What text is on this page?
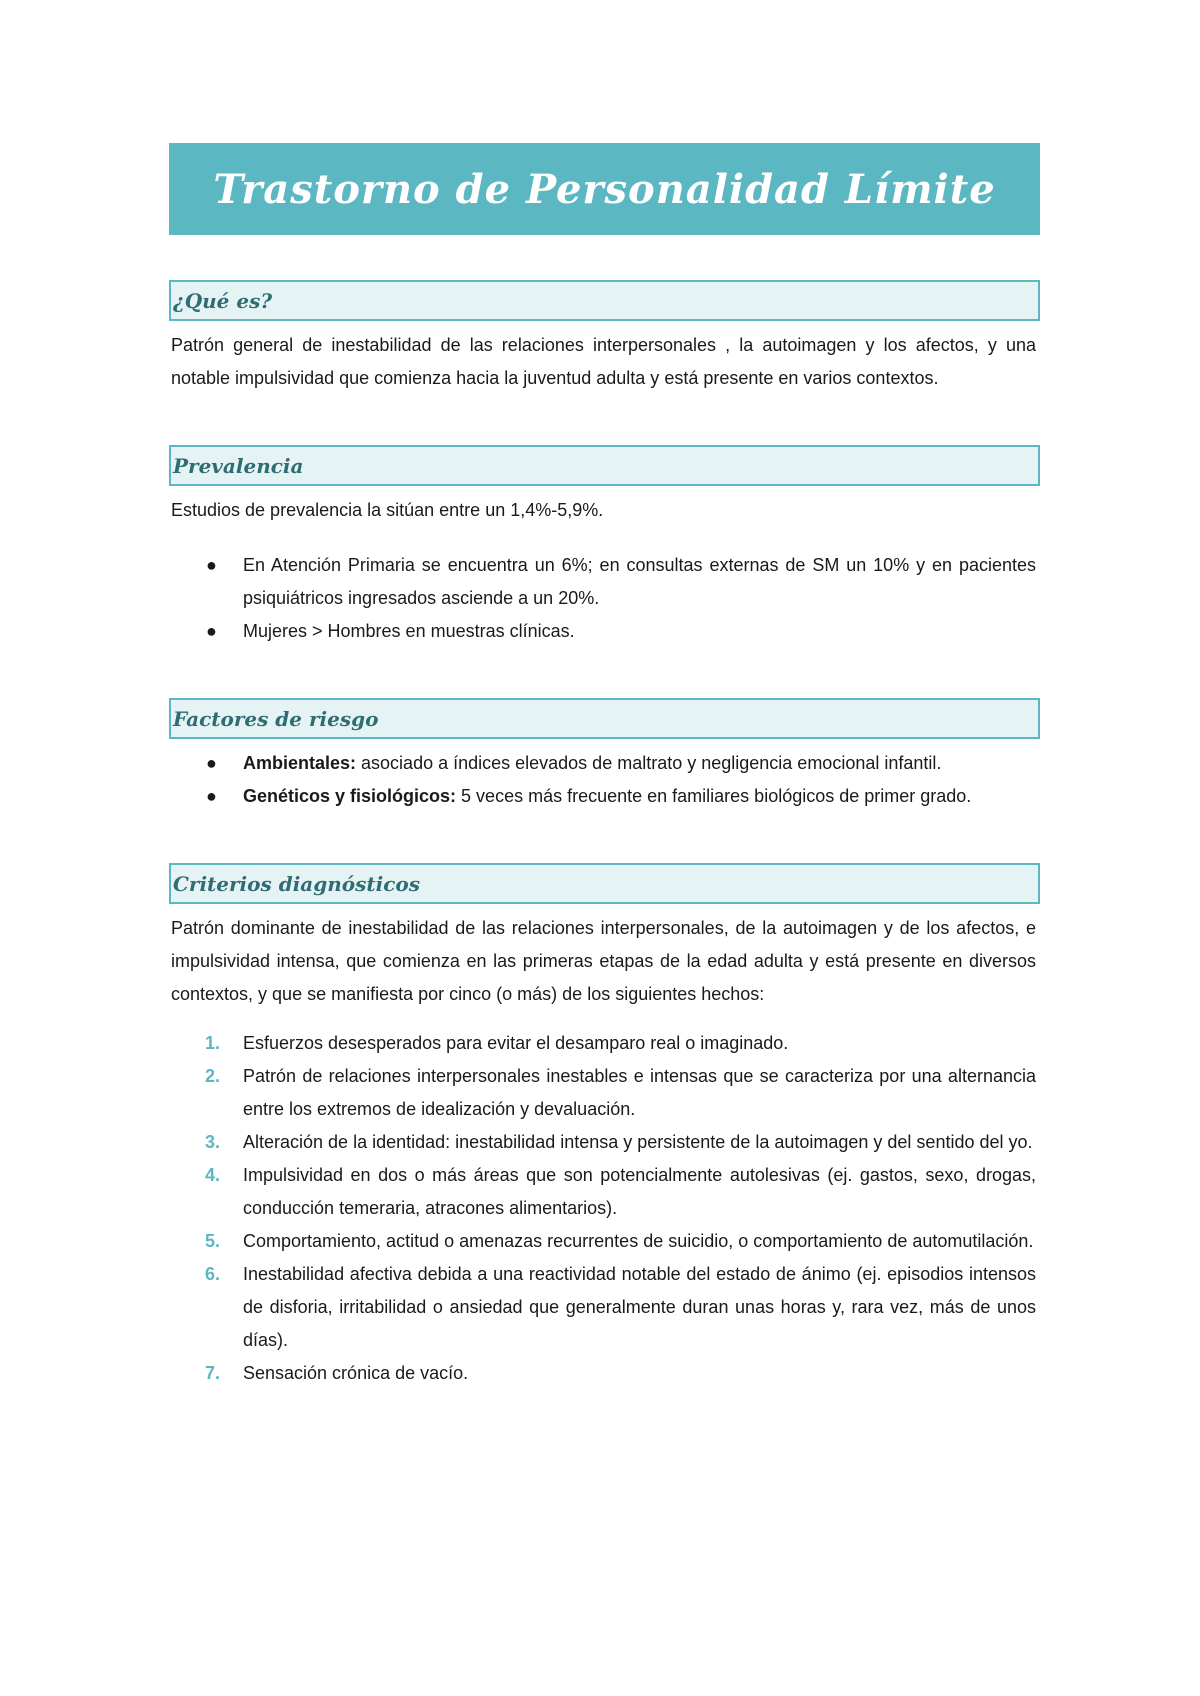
Trastorno de Personalidad Límite
¿Qué es?

Patrón general de inestabilidad de las relaciones interpersonales , la autoimagen y los afectos, y una notable impulsividad que comienza hacia la juventud adulta y está presente en varios contextos.

Prevalencia

Estudios de prevalencia la sitúan entre un 1,4%-5,9%.

● En Atención Primaria se encuentra un 6%; en consultas externas de SM un 10% y en pacientes psiquiátricos ingresados asciende a un 20%.
● Mujeres > Hombres en muestras clínicas.
Factores de riesgo
● Ambientales: asociado a índices elevados de maltrato y negligencia emocional infantil.
● Genéticos y fisiológicos: 5 veces más frecuente en familiares biológicos de primer grado.
Criterios diagnósticos

Patrón dominante de inestabilidad de las relaciones interpersonales, de la autoimagen y de los afectos, e impulsividad intensa, que comienza en las primeras etapas de la edad adulta y está presente en diversos contextos, y que se manifiesta por cinco (o más) de los siguientes hechos:

1. Esfuerzos desesperados para evitar el desamparo real o imaginado.
2. Patrón de relaciones interpersonales inestables e intensas que se caracteriza por una alternancia entre los extremos de idealización y devaluación.
3. Alteración de la identidad: inestabilidad intensa y persistente de la autoimagen y del sentido del yo.
4. Impulsividad en dos o más áreas que son potencialmente autolesivas (ej. gastos, sexo, drogas, conducción temeraria, atracones alimentarios).
5. Comportamiento, actitud o amenazas recurrentes de suicidio, o comportamiento de automutilación.
6. Inestabilidad afectiva debida a una reactividad notable del estado de ánimo (ej. episodios intensos de disforia, irritabilidad o ansiedad que generalmente duran unas horas y, rara vez, más de unos días).
7. Sensación crónica de vacío.
